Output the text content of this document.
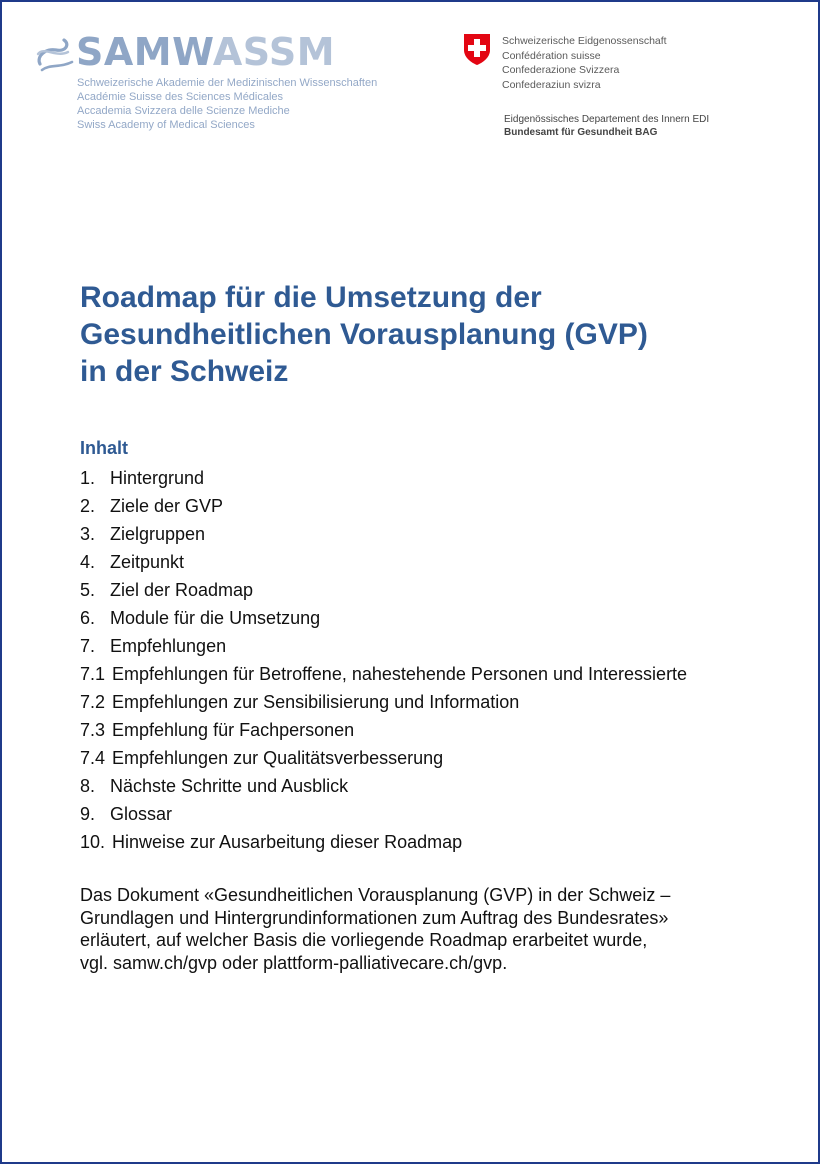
SAMWASSM

Schweizerische Akademie der Medizinischen Wissenschaften
Académie Suisse des Sciences Médicales
Accademia Svizzera delle Scienze Mediche
Swiss Academy of Medical Sciences
Schweizerische Eidgenossenschaft
Confédération suisse
Confederazione Svizzera
Confederaziun svizra
Eidgenössisches Departement des Innern EDI
Bundesamt für Gesundheit BAG
Roadmap für die Umsetzung der
Gesundheitlichen Vorausplanung (GVP)
in der Schweiz
Inhalt
1. Hintergrund
2. Ziele der GVP
3. Zielgruppen
4. Zeitpunkt
5. Ziel der Roadmap
6. Module für die Umsetzung
7. Empfehlungen
7.1 Empfehlungen für Betroffene, nahestehende Personen und Interessierte
7.2 Empfehlungen zur Sensibilisierung und Information
7.3 Empfehlung für Fachpersonen
7.4 Empfehlungen zur Qualitätsverbesserung
8. Nächste Schritte und Ausblick
9. Glossar
10. Hinweise zur Ausarbeitung dieser Roadmap

Das Dokument «Gesundheitlichen Vorausplanung (GVP) in der Schweiz –
Grundlagen und Hintergrundinformationen zum Auftrag des Bundesrates»
erläutert, auf welcher Basis die vorliegende Roadmap erarbeitet wurde,
vgl. samw.ch/gvp oder plattform-palliativecare.ch/gvp.
